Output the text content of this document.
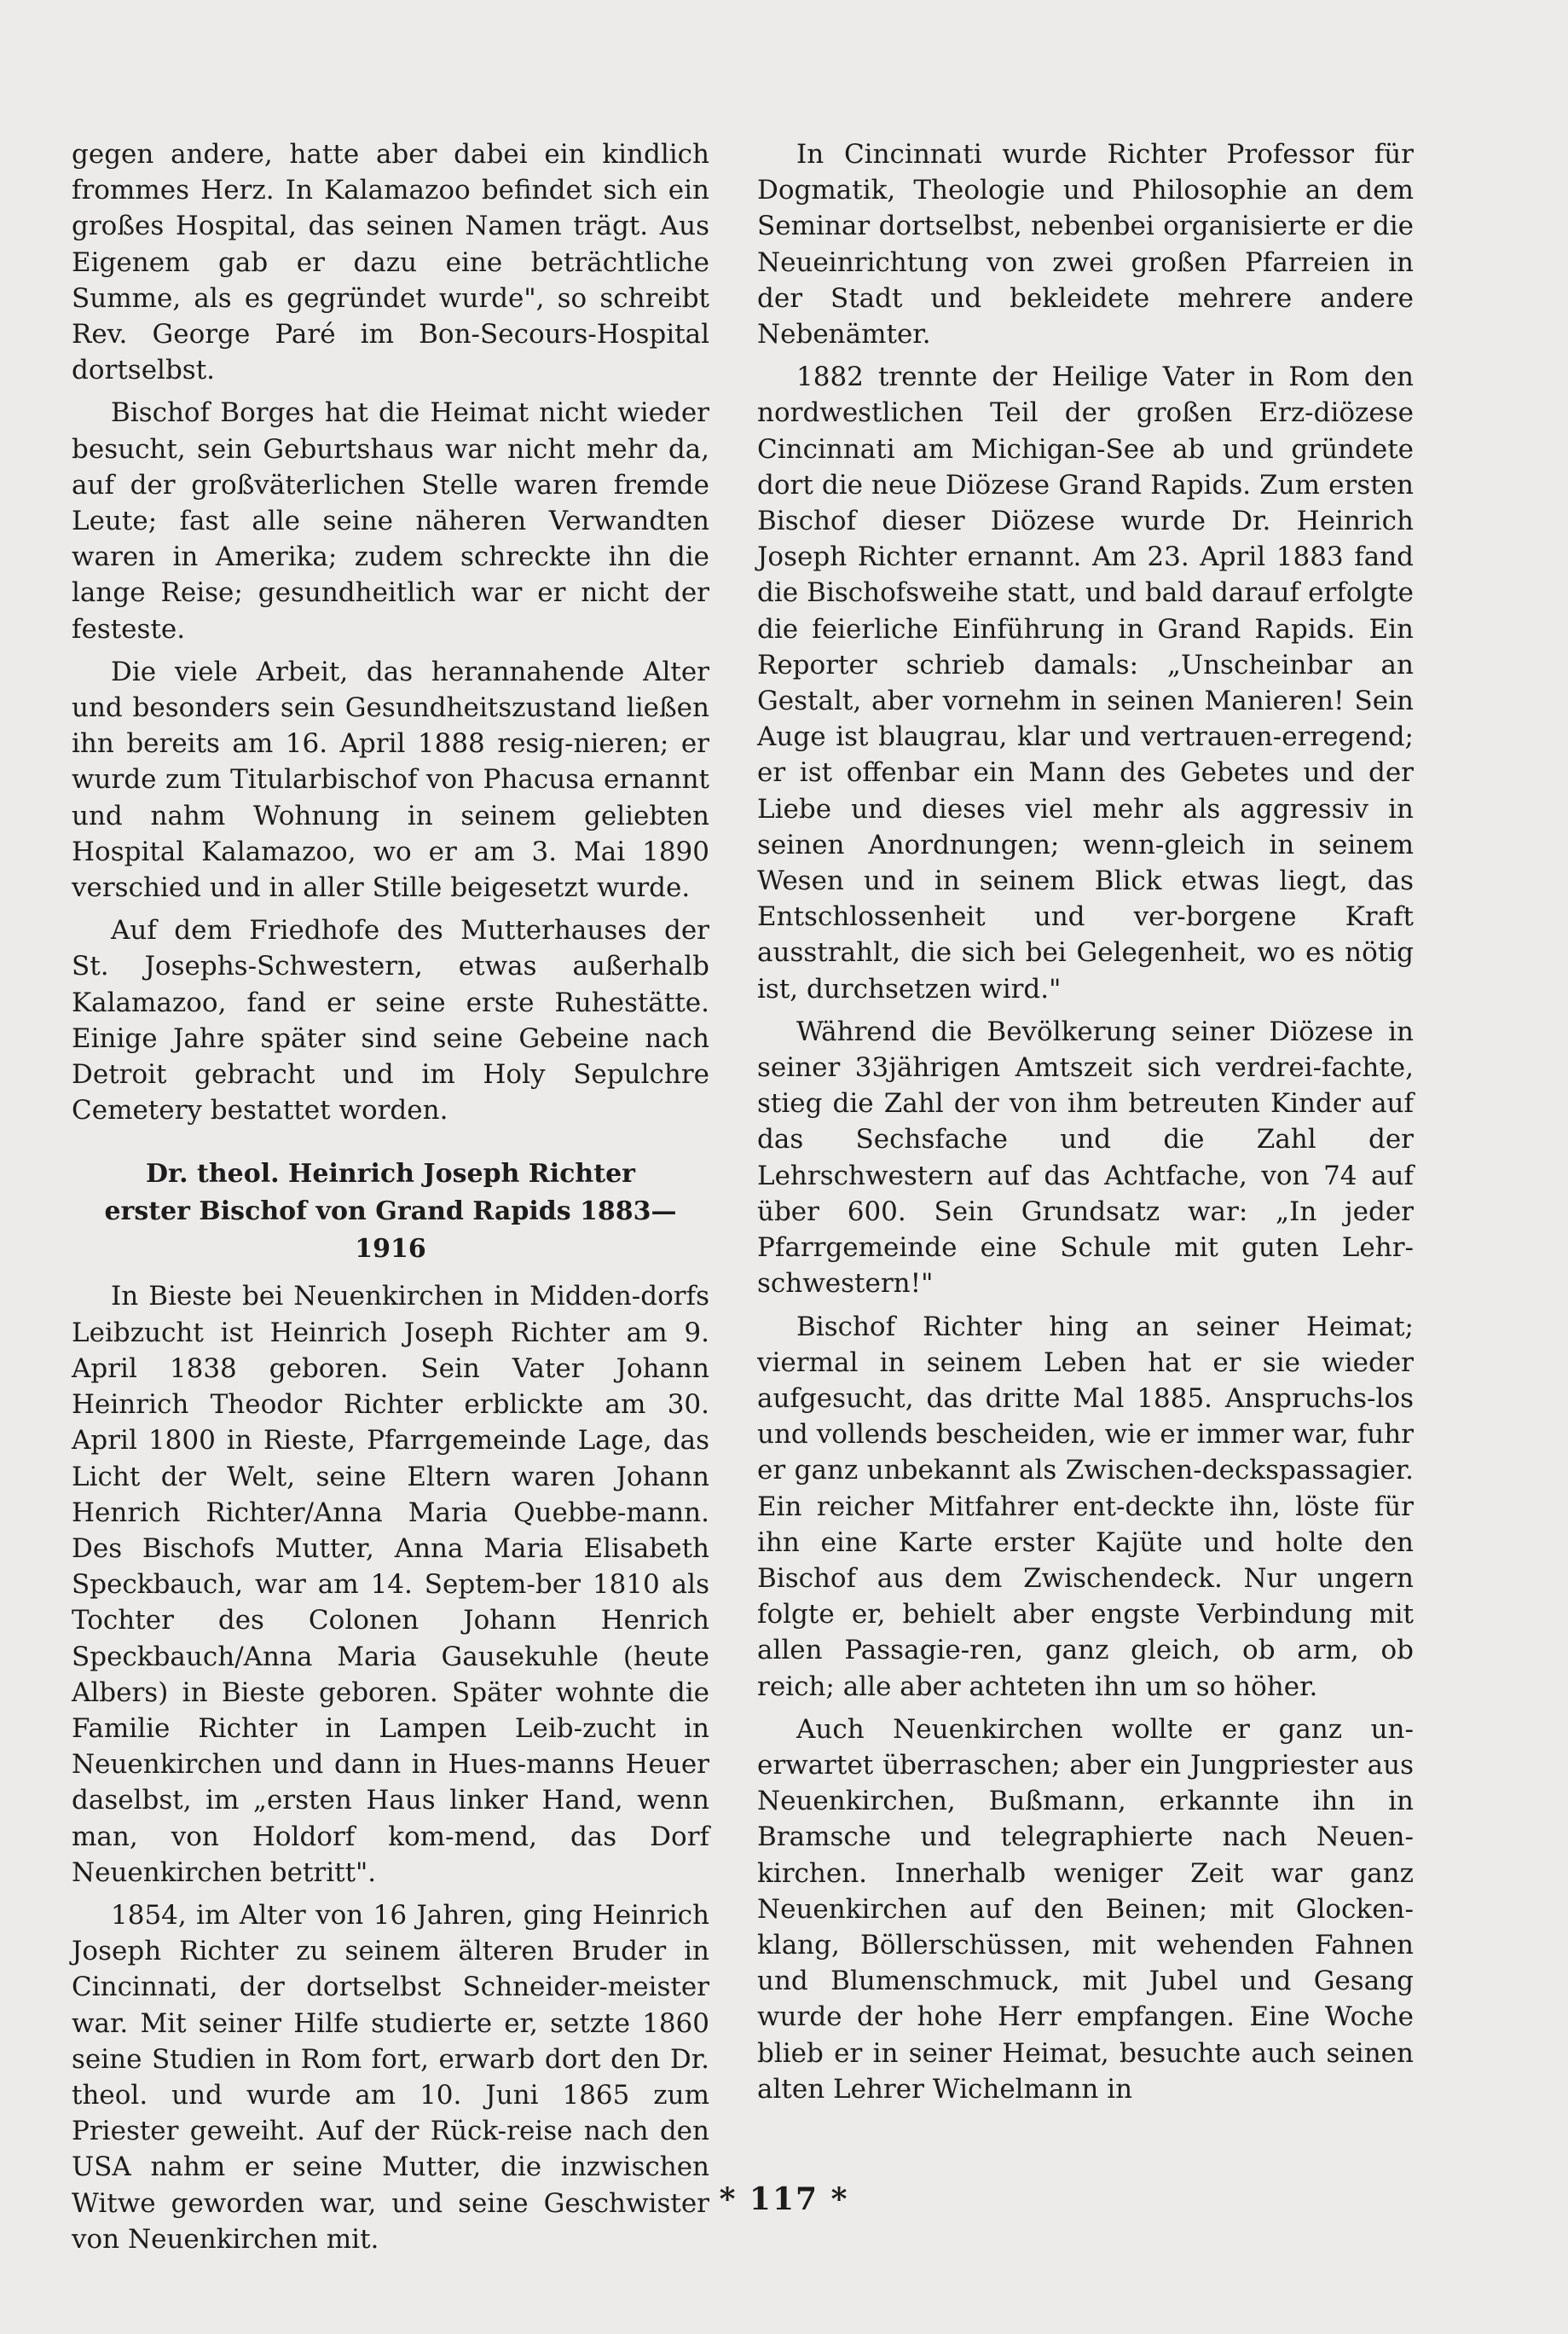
gegen andere, hatte aber dabei ein kindlich frommes Herz. In Kalamazoo befindet sich ein großes Hospital, das seinen Namen trägt. Aus Eigenem gab er dazu eine beträchtliche Summe, als es gegründet wurde", so schreibt Rev. George Paré im Bon-Secours-Hospital dortselbst.

Bischof Borges hat die Heimat nicht wieder besucht, sein Geburtshaus war nicht mehr da, auf der großväterlichen Stelle waren fremde Leute; fast alle seine näheren Verwandten waren in Amerika; zudem schreckte ihn die lange Reise; gesundheitlich war er nicht der festeste.

Die viele Arbeit, das herannahende Alter und besonders sein Gesundheitszustand ließen ihn bereits am 16. April 1888 resig-nieren; er wurde zum Titularbischof von Phacusa ernannt und nahm Wohnung in seinem geliebten Hospital Kalamazoo, wo er am 3. Mai 1890 verschied und in aller Stille beigesetzt wurde.

Auf dem Friedhofe des Mutterhauses der St. Josephs-Schwestern, etwas außerhalb Kalamazoo, fand er seine erste Ruhestätte. Einige Jahre später sind seine Gebeine nach Detroit gebracht und im Holy Sepulchre Cemetery bestattet worden.

Dr. theol. Heinrich Joseph Richter
erster Bischof von Grand Rapids 1883—1916

In Bieste bei Neuenkirchen in Midden-dorfs Leibzucht ist Heinrich Joseph Richter am 9. April 1838 geboren. Sein Vater Johann Heinrich Theodor Richter erblickte am 30. April 1800 in Rieste, Pfarrgemeinde Lage, das Licht der Welt, seine Eltern waren Johann Henrich Richter/Anna Maria Quebbe-mann. Des Bischofs Mutter, Anna Maria Elisabeth Speckbauch, war am 14. Septem-ber 1810 als Tochter des Colonen Johann Henrich Speckbauch/Anna Maria Gausekuhle (heute Albers) in Bieste geboren. Später wohnte die Familie Richter in Lampen Leib-zucht in Neuenkirchen und dann in Hues-manns Heuer daselbst, im „ersten Haus linker Hand, wenn man, von Holdorf kom-mend, das Dorf Neuenkirchen betritt".

1854, im Alter von 16 Jahren, ging Heinrich Joseph Richter zu seinem älteren Bruder in Cincinnati, der dortselbst Schneider-meister war. Mit seiner Hilfe studierte er, setzte 1860 seine Studien in Rom fort, erwarb dort den Dr. theol. und wurde am 10. Juni 1865 zum Priester geweiht. Auf der Rück-reise nach den USA nahm er seine Mutter, die inzwischen Witwe geworden war, und seine Geschwister von Neuenkirchen mit.

In Cincinnati wurde Richter Professor für Dogmatik, Theologie und Philosophie an dem Seminar dortselbst, nebenbei organisierte er die Neueinrichtung von zwei großen Pfarreien in der Stadt und bekleidete mehrere andere Nebenämter.

1882 trennte der Heilige Vater in Rom den nordwestlichen Teil der großen Erz-diözese Cincinnati am Michigan-See ab und gründete dort die neue Diözese Grand Rapids. Zum ersten Bischof dieser Diözese wurde Dr. Heinrich Joseph Richter ernannt. Am 23. April 1883 fand die Bischofsweihe statt, und bald darauf erfolgte die feierliche Einführung in Grand Rapids. Ein Reporter schrieb damals: „Unscheinbar an Gestalt, aber vornehm in seinen Manieren! Sein Auge ist blaugrau, klar und vertrauen-erregend; er ist offenbar ein Mann des Gebetes und der Liebe und dieses viel mehr als aggressiv in seinen Anordnungen; wenn-gleich in seinem Wesen und in seinem Blick etwas liegt, das Entschlossenheit und ver-borgene Kraft ausstrahlt, die sich bei Gelegenheit, wo es nötig ist, durchsetzen wird."

Während die Bevölkerung seiner Diözese in seiner 33jährigen Amtszeit sich verdrei-fachte, stieg die Zahl der von ihm betreuten Kinder auf das Sechsfache und die Zahl der Lehrschwestern auf das Achtfache, von 74 auf über 600. Sein Grundsatz war: „In jeder Pfarrgemeinde eine Schule mit guten Lehr-schwestern!"

Bischof Richter hing an seiner Heimat; viermal in seinem Leben hat er sie wieder aufgesucht, das dritte Mal 1885. Anspruchs-los und vollends bescheiden, wie er immer war, fuhr er ganz unbekannt als Zwischen-deckspassagier. Ein reicher Mitfahrer ent-deckte ihn, löste für ihn eine Karte erster Kajüte und holte den Bischof aus dem Zwischendeck. Nur ungern folgte er, behielt aber engste Verbindung mit allen Passagie-ren, ganz gleich, ob arm, ob reich; alle aber achteten ihn um so höher.

Auch Neuenkirchen wollte er ganz un-erwartet überraschen; aber ein Jungpriester aus Neuenkirchen, Bußmann, erkannte ihn in Bramsche und telegraphierte nach Neuen-kirchen. Innerhalb weniger Zeit war ganz Neuenkirchen auf den Beinen; mit Glocken-klang, Böllerschüssen, mit wehenden Fahnen und Blumenschmuck, mit Jubel und Gesang wurde der hohe Herr empfangen. Eine Woche blieb er in seiner Heimat, besuchte auch seinen alten Lehrer Wichelmann in

* 117 *
